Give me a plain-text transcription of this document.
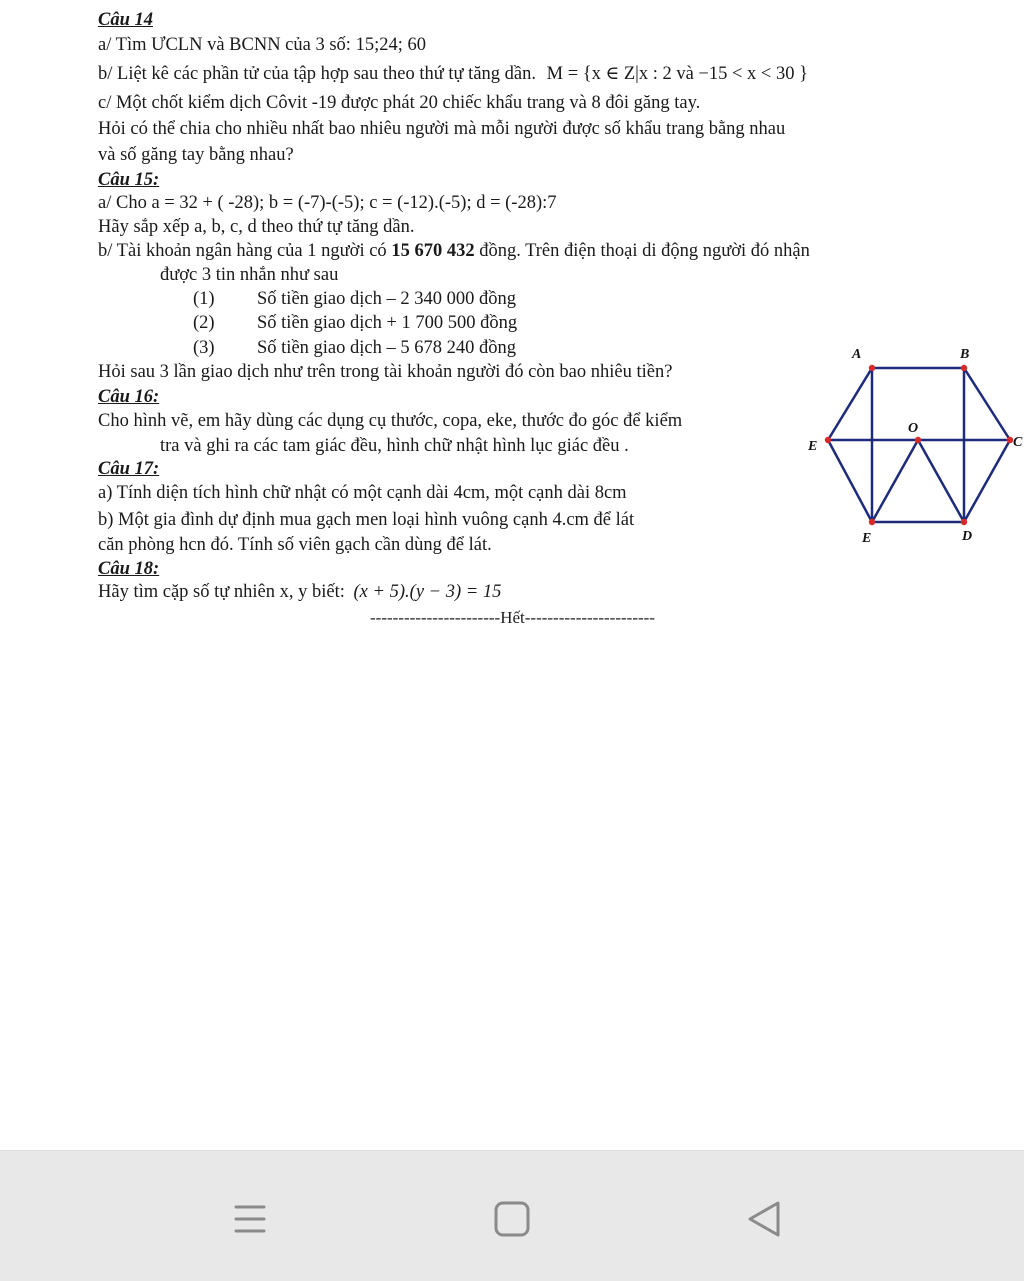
Câu 14
a/ Tìm ƯCLN và BCNN của 3 số: 15;24; 60
b/ Liệt kê các phần tử của tập hợp sau theo thứ tự tăng dần. M = {x ∈ Z|x : 2 và −15 < x < 30 }
c/ Một chốt kiểm dịch Côvit -19 được phát 20 chiếc khẩu trang và 8 đôi găng tay.
Hỏi có thể chia cho nhiều nhất bao nhiêu người mà mỗi người được số khẩu trang bằng nhau
và số găng tay bằng nhau?
Câu 15:
a/ Cho a = 32 + ( -28); b = (-7)-(-5); c = (-12).(-5); d = (-28):7
Hãy sắp xếp a, b, c, d theo thứ tự tăng dần.
b/ Tài khoản ngân hàng của 1 người có 15 670 432 đồng. Trên điện thoại di động người đó nhận
được 3 tin nhắn như sau
(1) Số tiền giao dịch – 2 340 000 đồng
(2) Số tiền giao dịch + 1 700 500 đồng
(3) Số tiền giao dịch – 5 678 240 đồng
Hỏi sau 3 lần giao dịch như trên trong tài khoản người đó còn bao nhiêu tiền?
Câu 16:
Cho hình vẽ, em hãy dùng các dụng cụ thước, copa, eke, thước đo góc để kiểm
tra và ghi ra các tam giác đều, hình chữ nhật hình lục giác đều .
Câu 17:
a) Tính diện tích hình chữ nhật có một cạnh dài 4cm, một cạnh dài 8cm
b) Một gia đình dự định mua gạch men loại hình vuông cạnh 4.cm để lát
căn phòng hcn đó. Tính số viên gạch cần dùng để lát.
Câu 18:
Hãy tìm cặp số tự nhiên x, y biết: (x + 5).(y − 3) = 15
-----------------------Hết-----------------------
A	B
E
O
C
E	D
